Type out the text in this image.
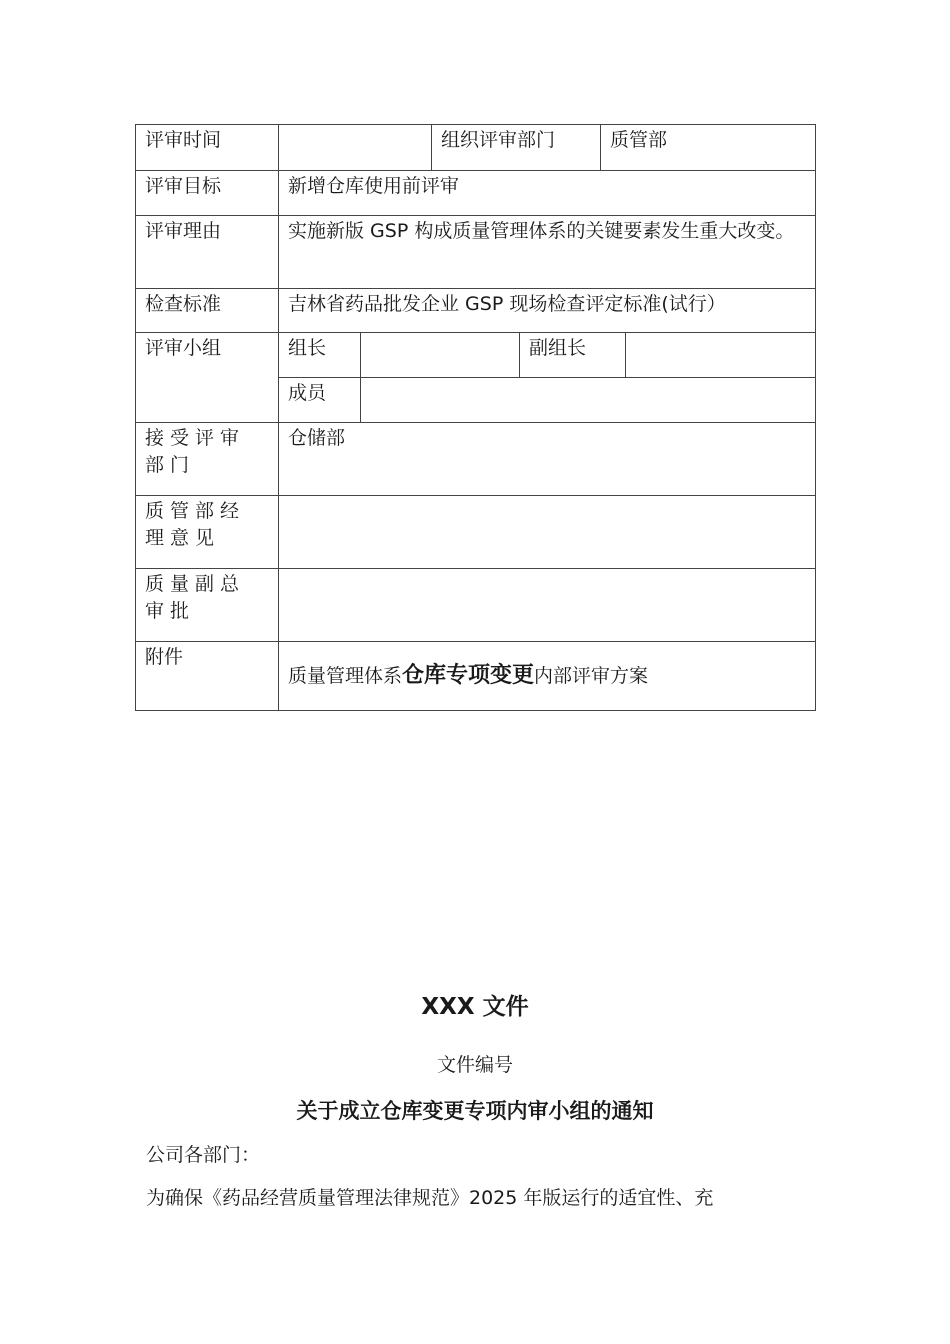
评审时间			组织评审部门		质管部	
评审目标	新增仓库使用前评审					
评审理由	实施新版 GSP 构成质量管理体系的关键要素发生重大改变。					
检查标准	吉林省药品批发企业 GSP 现场检查评定标准(试行）					
评审小组	组长			副组长		
	成员					
接受评审部门	仓储部					
质管部经理意见						
质量副总审批						
附件	质量管理体系仓库专项变更内部评审方案					
XXX 文件
文件编号
关于成立仓库变更专项内审小组的通知
公司各部门：
为确保《药品经营质量管理法律规范》2025 年版运行的适宜性、充
